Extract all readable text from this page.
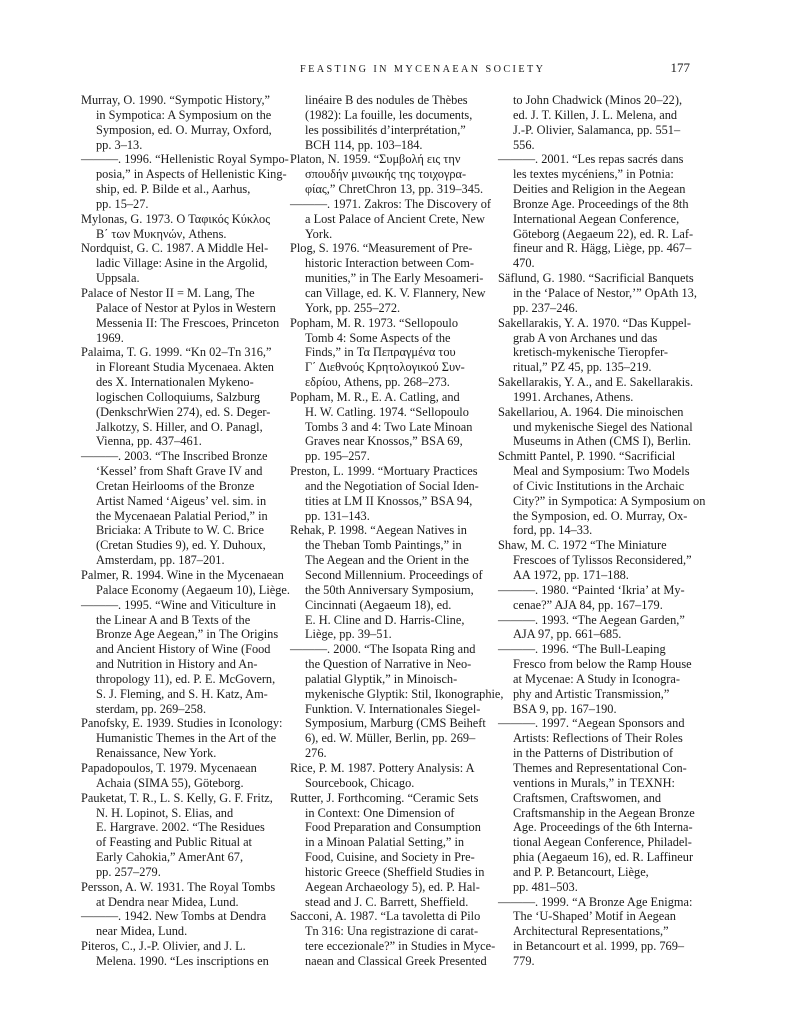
FEASTING IN MYCENAEAN SOCIETY	177

Murray, O. 1990. “Sympotic History,”
in Sympotica: A Symposium on the
Symposion, ed. O. Murray, Oxford,
pp. 3–13.

———. 1996. “Hellenistic Royal Sympo-
posia,” in Aspects of Hellenistic King-
ship, ed. P. Bilde et al., Aarhus,
pp. 15–27.

Mylonas, G. 1973. Ο Ταφικός Κύκλος
Β΄ των Μυκηνών, Athens.

Nordquist, G. C. 1987. A Middle Hel-
ladic Village: Asine in the Argolid,
Uppsala.

Palace of Nestor II = M. Lang, The
Palace of Nestor at Pylos in Western
Messenia II: The Frescoes, Princeton
1969.

Palaima, T. G. 1999. “Kn 02–Tn 316,”
in Floreant Studia Mycenaea. Akten
des X. Internationalen Mykeno-
logischen Colloquiums, Salzburg
(DenkschrWien 274), ed. S. Deger-
Jalkotzy, S. Hiller, and O. Panagl,
Vienna, pp. 437–461.

———. 2003. “The Inscribed Bronze
‘Kessel’ from Shaft Grave IV and
Cretan Heirlooms of the Bronze
Artist Named ‘Aigeus’ vel. sim. in
the Mycenaean Palatial Period,” in
Briciaka: A Tribute to W. C. Brice
(Cretan Studies 9), ed. Y. Duhoux,
Amsterdam, pp. 187–201.

Palmer, R. 1994. Wine in the Mycenaean
Palace Economy (Aegaeum 10), Liège.

———. 1995. “Wine and Viticulture in
the Linear A and B Texts of the
Bronze Age Aegean,” in The Origins
and Ancient History of Wine (Food
and Nutrition in History and An-
thropology 11), ed. P. E. McGovern,
S. J. Fleming, and S. H. Katz, Am-
sterdam, pp. 269–258.

Panofsky, E. 1939. Studies in Iconology:
Humanistic Themes in the Art of the
Renaissance, New York.

Papadopoulos, T. 1979. Mycenaean
Achaia (SIMA 55), Göteborg.

Pauketat, T. R., L. S. Kelly, G. F. Fritz,
N. H. Lopinot, S. Elias, and
E. Hargrave. 2002. “The Residues
of Feasting and Public Ritual at
Early Cahokia,” AmerAnt 67,
pp. 257–279.

Persson, A. W. 1931. The Royal Tombs
at Dendra near Midea, Lund.

———. 1942. New Tombs at Dendra
near Midea, Lund.

Piteros, C., J.-P. Olivier, and J. L.
Melena. 1990. “Les inscriptions en

linéaire B des nodules de Thèbes
(1982): La fouille, les documents,
les possibilités d’interprétation,”
BCH 114, pp. 103–184.

Platon, N. 1959. “Συμβολή εις την
σπουδήν μινωικής της τοιχογρα-
φίας,” ChretChron 13, pp. 319–345.

———. 1971. Zakros: The Discovery of
a Lost Palace of Ancient Crete, New
York.

Plog, S. 1976. “Measurement of Pre-
historic Interaction between Com-
munities,” in The Early Mesoameri-
can Village, ed. K. V. Flannery, New
York, pp. 255–272.

Popham, M. R. 1973. “Sellopoulo
Tomb 4: Some Aspects of the
Finds,” in Τα Πεπραγμένα του
Γ΄ Διεθνούς Κρητολογικού Συν-
εδρίου, Athens, pp. 268–273.

Popham, M. R., E. A. Catling, and
H. W. Catling. 1974. “Sellopoulo
Tombs 3 and 4: Two Late Minoan
Graves near Knossos,” BSA 69,
pp. 195–257.

Preston, L. 1999. “Mortuary Practices
and the Negotiation of Social Iden-
tities at LM II Knossos,” BSA 94,
pp. 131–143.

Rehak, P. 1998. “Aegean Natives in
the Theban Tomb Paintings,” in
The Aegean and the Orient in the
Second Millennium. Proceedings of
the 50th Anniversary Symposium,
Cincinnati (Aegaeum 18), ed.
E. H. Cline and D. Harris-Cline,
Liège, pp. 39–51.

———. 2000. “The Isopata Ring and
the Question of Narrative in Neo-
palatial Glyptik,” in Minoisch-
mykenische Glyptik: Stil, Ikonographie,
Funktion. V. Internationales Siegel-
Symposium, Marburg (CMS Beiheft
6), ed. W. Müller, Berlin, pp. 269–
276.

Rice, P. M. 1987. Pottery Analysis: A
Sourcebook, Chicago.

Rutter, J. Forthcoming. “Ceramic Sets
in Context: One Dimension of
Food Preparation and Consumption
in a Minoan Palatial Setting,” in
Food, Cuisine, and Society in Pre-
historic Greece (Sheffield Studies in
Aegean Archaeology 5), ed. P. Hal-
stead and J. C. Barrett, Sheffield.

Sacconi, A. 1987. “La tavoletta di Pilo
Tn 316: Una registrazione di carat-
tere eccezionale?” in Studies in Myce-
naean and Classical Greek Presented

to John Chadwick (Minos 20–22),
ed. J. T. Killen, J. L. Melena, and
J.-P. Olivier, Salamanca, pp. 551–
556.

———. 2001. “Les repas sacrés dans
les textes mycéniens,” in Potnia:
Deities and Religion in the Aegean
Bronze Age. Proceedings of the 8th
International Aegean Conference,
Göteborg (Aegaeum 22), ed. R. Laf-
fineur and R. Hägg, Liège, pp. 467–
470.

Säflund, G. 1980. “Sacrificial Banquets
in the ‘Palace of Nestor,’” OpAth 13,
pp. 237–246.

Sakellarakis, Y. A. 1970. “Das Kuppel-
grab A von Archanes und das
kretisch-mykenische Tieropfer-
ritual,” PZ 45, pp. 135–219.

Sakellarakis, Y. A., and E. Sakellarakis.
1991. Archanes, Athens.

Sakellariou, A. 1964. Die minoischen
und mykenische Siegel des National
Museums in Athen (CMS I), Berlin.

Schmitt Pantel, P. 1990. “Sacrificial
Meal and Symposium: Two Models
of Civic Institutions in the Archaic
City?” in Sympotica: A Symposium on
the Symposion, ed. O. Murray, Ox-
ford, pp. 14–33.

Shaw, M. C. 1972 “The Miniature
Frescoes of Tylissos Reconsidered,”
AA 1972, pp. 171–188.

———. 1980. “Painted ‘Ikria’ at My-
cenae?” AJA 84, pp. 167–179.

———. 1993. “The Aegean Garden,”
AJA 97, pp. 661–685.

———. 1996. “The Bull-Leaping
Fresco from below the Ramp House
at Mycenae: A Study in Iconogra-
phy and Artistic Transmission,”
BSA 9, pp. 167–190.

———. 1997. “Aegean Sponsors and
Artists: Reflections of Their Roles
in the Patterns of Distribution of
Themes and Representational Con-
ventions in Murals,” in TEXNH:
Craftsmen, Craftswomen, and
Craftsmanship in the Aegean Bronze
Age. Proceedings of the 6th Interna-
tional Aegean Conference, Philadel-
phia (Aegaeum 16), ed. R. Laffineur
and P. P. Betancourt, Liège,
pp. 481–503.

———. 1999. “A Bronze Age Enigma:
The ‘U-Shaped’ Motif in Aegean
Architectural Representations,”
in Betancourt et al. 1999, pp. 769–
779.
